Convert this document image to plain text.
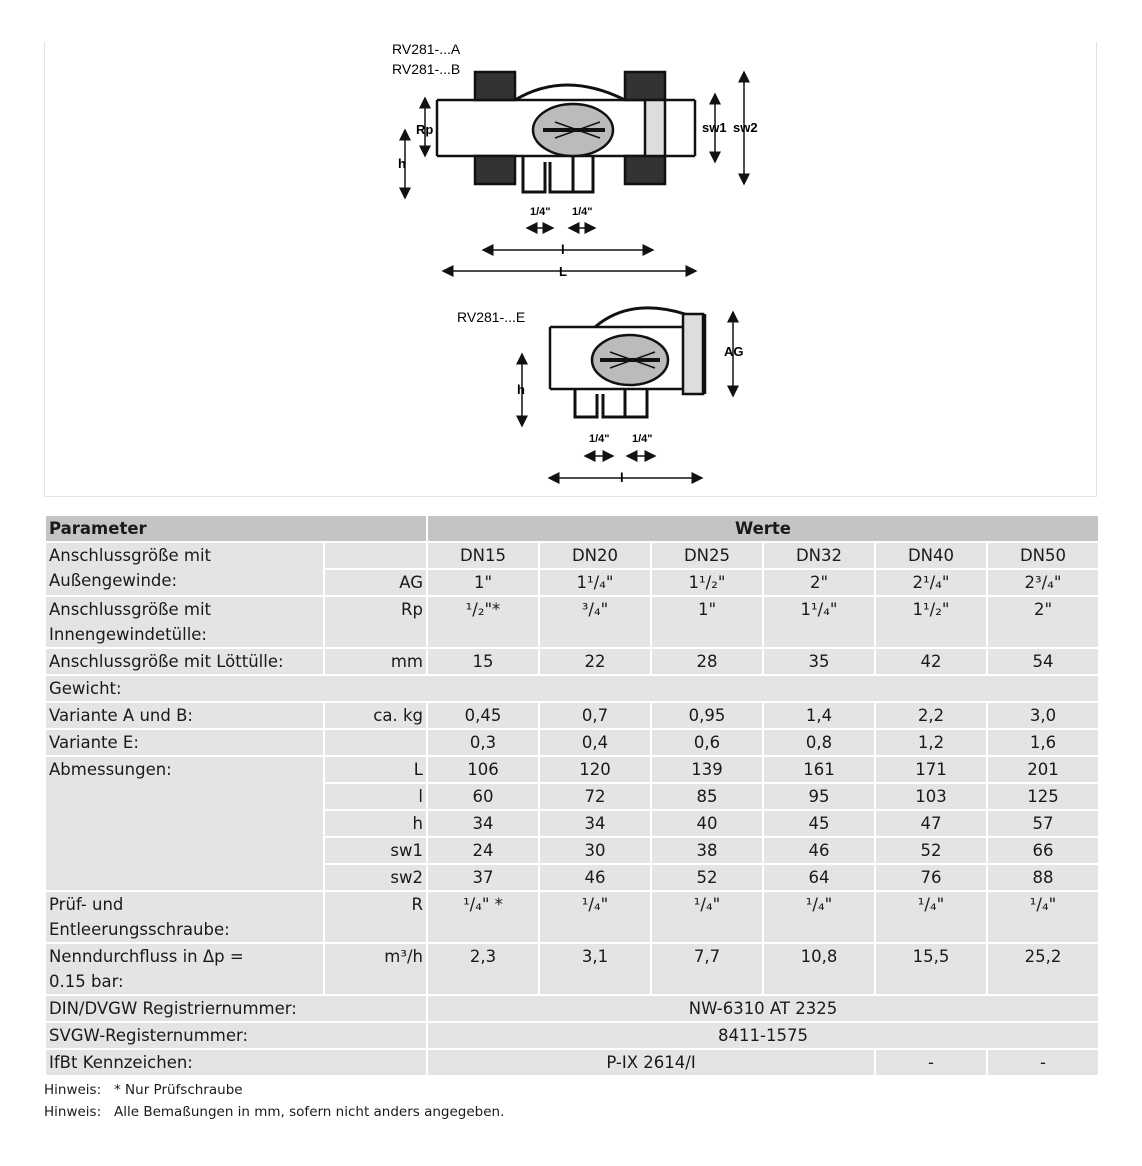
RV281-...A
RV281-...B
Rp
h
sw1 sw2
1/4" 1/4"
l
L
RV281-...E
AG
h
1/4" 1/4"
l
Parameter		Werte					

Anschlussgröße mit
Außengewinde:		DN15	DN20	DN25	DN32	DN40	DN50
	AG	1"	1¹/₄"	1¹/₂"	2"	2¹/₄"	2³/₄"

Anschlussgröße mit
Innengewindetülle:	Rp	¹/₂"*	³/₄"	1"	1¹/₄"	1¹/₂"	2"
Anschlussgröße mit Löttülle:	mm	15	22	28	35	42	54
Gewicht:							
Variante A und B:	ca. kg	0,45	0,7	0,95	1,4	2,2	3,0
Variante E:		0,3	0,4	0,6	0,8	1,2	1,6
Abmessungen:	L	106	120	139	161	171	201
	l	60	72	85	95	103	125
	h	34	34	40	45	47	57
	sw1	24	30	38	46	52	66
	sw2	37	46	52	64	76	88

Prüf- und
Entleerungsschraube:	R	¹/₄" *	¹/₄"	¹/₄"	¹/₄"	¹/₄"	¹/₄"

Nenndurchfluss in Δp =
0.15 bar:	m³/h	2,3	3,1	7,7	10,8	15,5	25,2
DIN/DVGW Registriernummer:		NW-6310 AT 2325					
SVGW-Registernummer:		8411-1575					
IfBt Kennzeichen:		P-IX 2614/I				-	-
Hinweis: * Nur Prüfschraube
Hinweis: Alle Bemaßungen in mm, sofern nicht anders angegeben.
